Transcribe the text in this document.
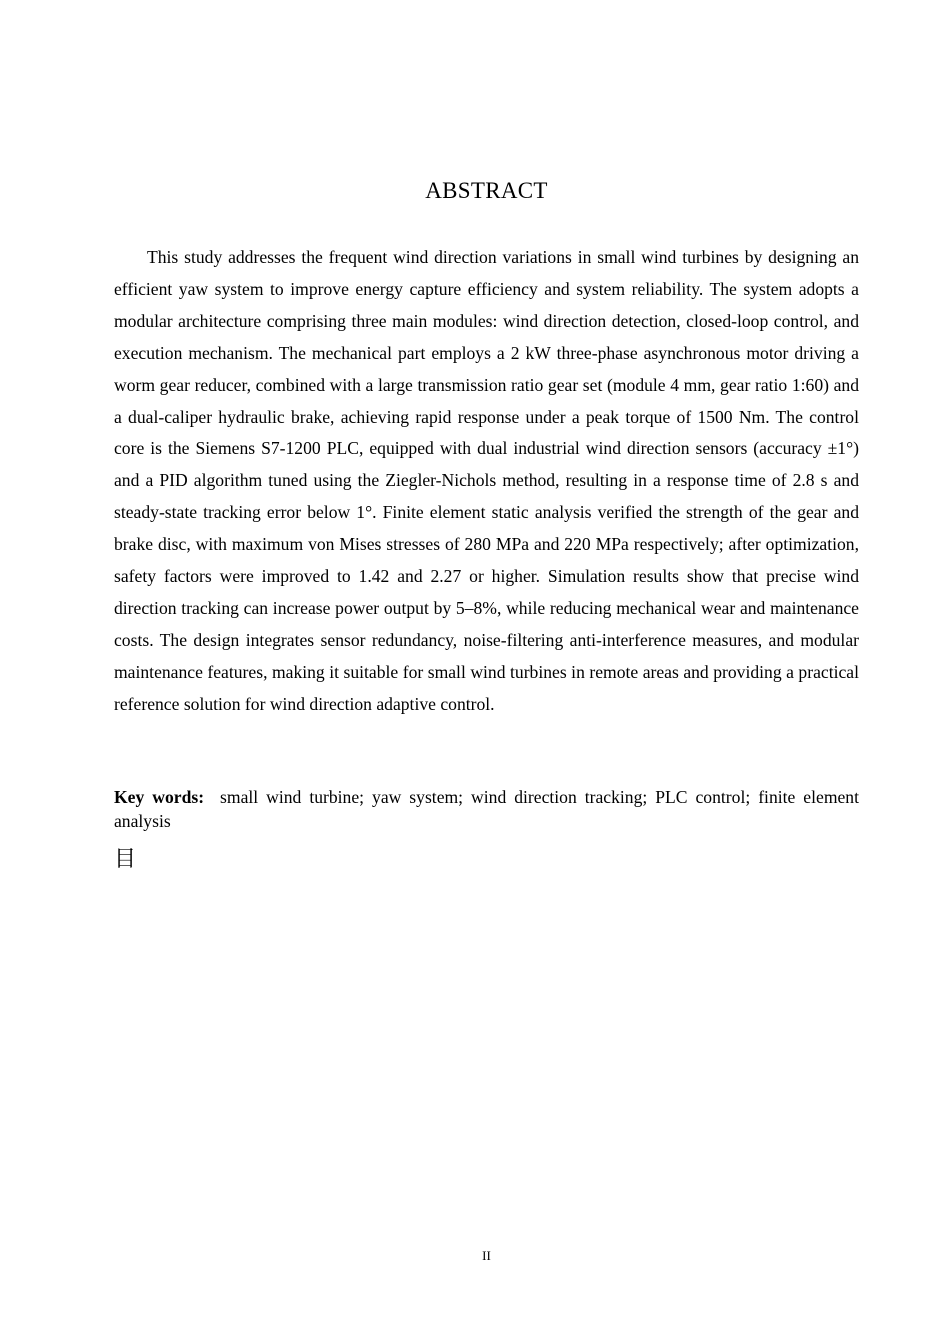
ABSTRACT

This study addresses the frequent wind direction variations in small wind turbines by designing an efficient yaw system to improve energy capture efficiency and system reliability. The system adopts a modular architecture comprising three main modules: wind direction detection, closed-loop control, and execution mechanism. The mechanical part employs a 2 kW three-phase asynchronous motor driving a worm gear reducer, combined with a large transmission ratio gear set (module 4 mm, gear ratio 1:60) and a dual-caliper hydraulic brake, achieving rapid response under a peak torque of 1500 Nm. The control core is the Siemens S7-1200 PLC, equipped with dual industrial wind direction sensors (accuracy ±1°) and a PID algorithm tuned using the Ziegler-Nichols method, resulting in a response time of 2.8 s and steady-state tracking error below 1°. Finite element static analysis verified the strength of the gear and brake disc, with maximum von Mises stresses of 280 MPa and 220 MPa respectively; after optimization, safety factors were improved to 1.42 and 2.27 or higher. Simulation results show that precise wind direction tracking can increase power output by 5–8%, while reducing mechanical wear and maintenance costs. The design integrates sensor redundancy, noise-filtering anti-interference measures, and modular maintenance features, making it suitable for small wind turbines in remote areas and providing a practical reference solution for wind direction adaptive control.

Key words: small wind turbine; yaw system; wind direction tracking; PLC control; finite element analysis

目

II
